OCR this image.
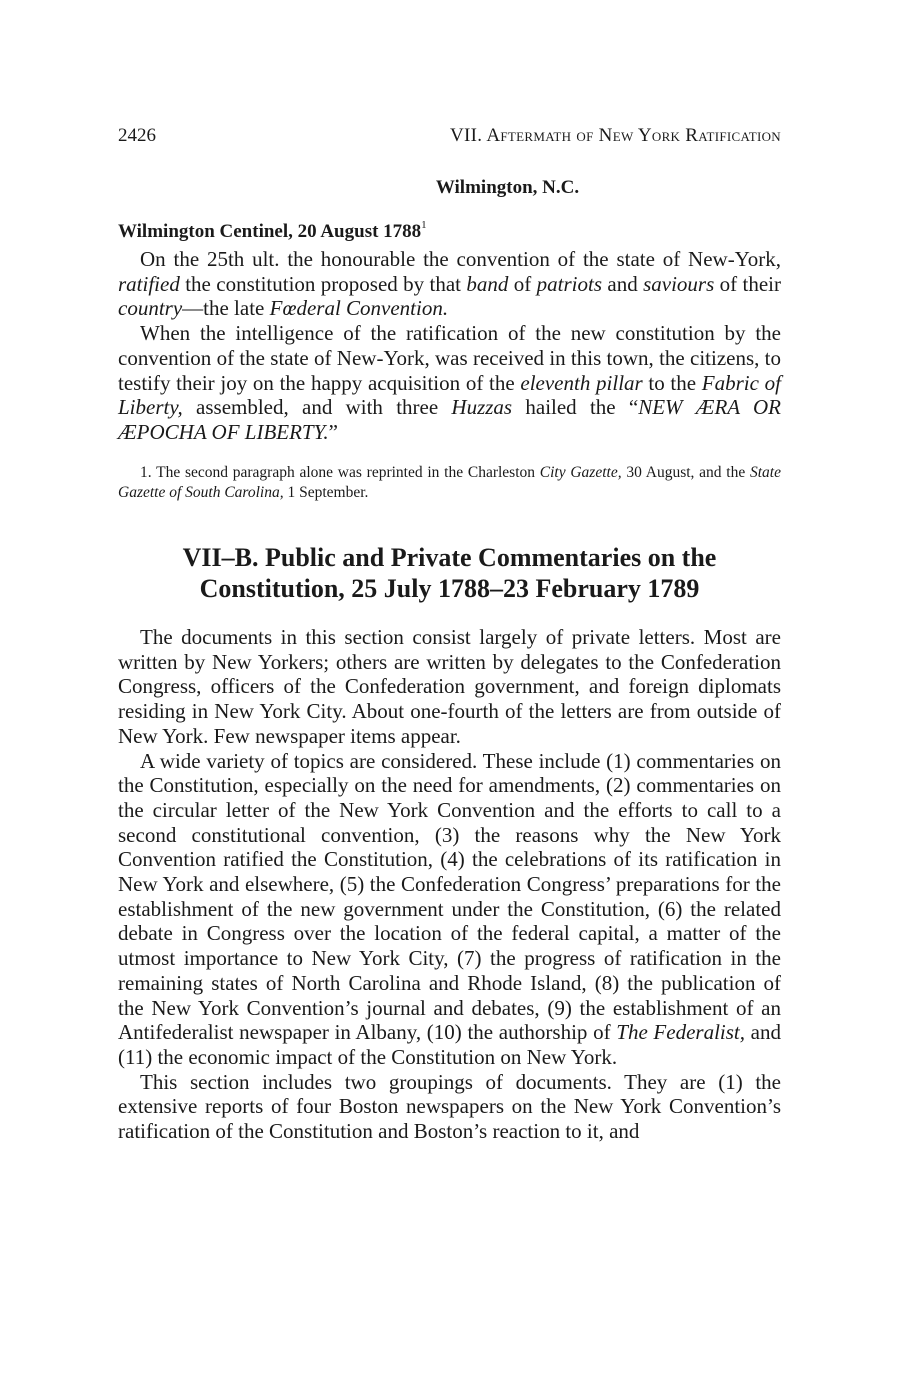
2426	VII. Aftermath of New York Ratification
Wilmington, N.C.
Wilmington Centinel, 20 August 1788$^1$

On the 25th ult. the honourable the convention of the state of New-York, ratified the constitution proposed by that band of patriots and saviours of their country—the late Fœderal Convention.

When the intelligence of the ratification of the new constitution by the convention of the state of New-York, was received in this town, the citizens, to testify their joy on the happy acquisition of the eleventh pillar to the Fabric of Liberty, assembled, and with three Huzzas hailed the “NEW ÆRA OR ÆPOCHA OF LIBERTY.”

1. The second paragraph alone was reprinted in the Charleston City Gazette, 30 August, and the State Gazette of South Carolina, 1 September.

VII–B. Public and Private Commentaries on the
Constitution, 25 July 1788–23 February 1789

The documents in this section consist largely of private letters. Most are written by New Yorkers; others are written by delegates to the Confederation Congress, officers of the Confederation government, and foreign diplomats residing in New York City. About one-fourth of the letters are from outside of New York. Few newspaper items appear.

A wide variety of topics are considered. These include (1) commentaries on the Constitution, especially on the need for amendments, (2) commentaries on the circular letter of the New York Convention and the efforts to call to a second constitutional convention, (3) the reasons why the New York Convention ratified the Constitution, (4) the celebrations of its ratification in New York and elsewhere, (5) the Confederation Congress’ preparations for the establishment of the new government under the Constitution, (6) the related debate in Congress over the location of the federal capital, a matter of the utmost importance to New York City, (7) the progress of ratification in the remaining states of North Carolina and Rhode Island, (8) the publication of the New York Convention’s journal and debates, (9) the establishment of an Antifederalist newspaper in Albany, (10) the authorship of The Federalist, and (11) the economic impact of the Constitution on New York.

This section includes two groupings of documents. They are (1) the extensive reports of four Boston newspapers on the New York Convention’s ratification of the Constitution and Boston’s reaction to it, and
